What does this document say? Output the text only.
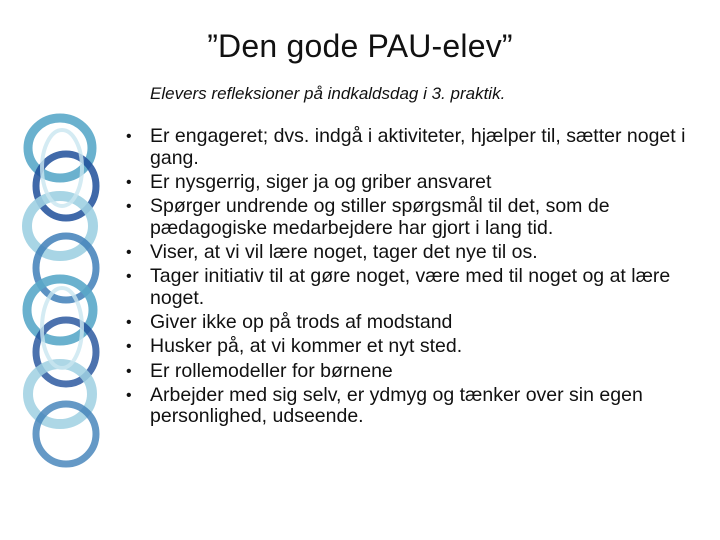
”Den gode PAU-elev”

Elevers refleksioner på indkaldsdag i 3. praktik.

• Er engageret; dvs. indgå i aktiviteter, hjælper til, sætter noget i gang.
• Er nysgerrig, siger ja og griber ansvaret
• Spørger undrende og stiller spørgsmål til det, som de pædagogiske medarbejdere har gjort i lang tid.
• Viser, at vi vil lære noget, tager det nye til os.
• Tager initiativ til at gøre noget, være med til noget og at lære noget.
• Giver ikke op på trods af modstand
• Husker på, at vi kommer et nyt sted.
• Er rollemodeller for børnene
• Arbejder med sig selv, er ydmyg og tænker over sin egen personlighed, udseende.
